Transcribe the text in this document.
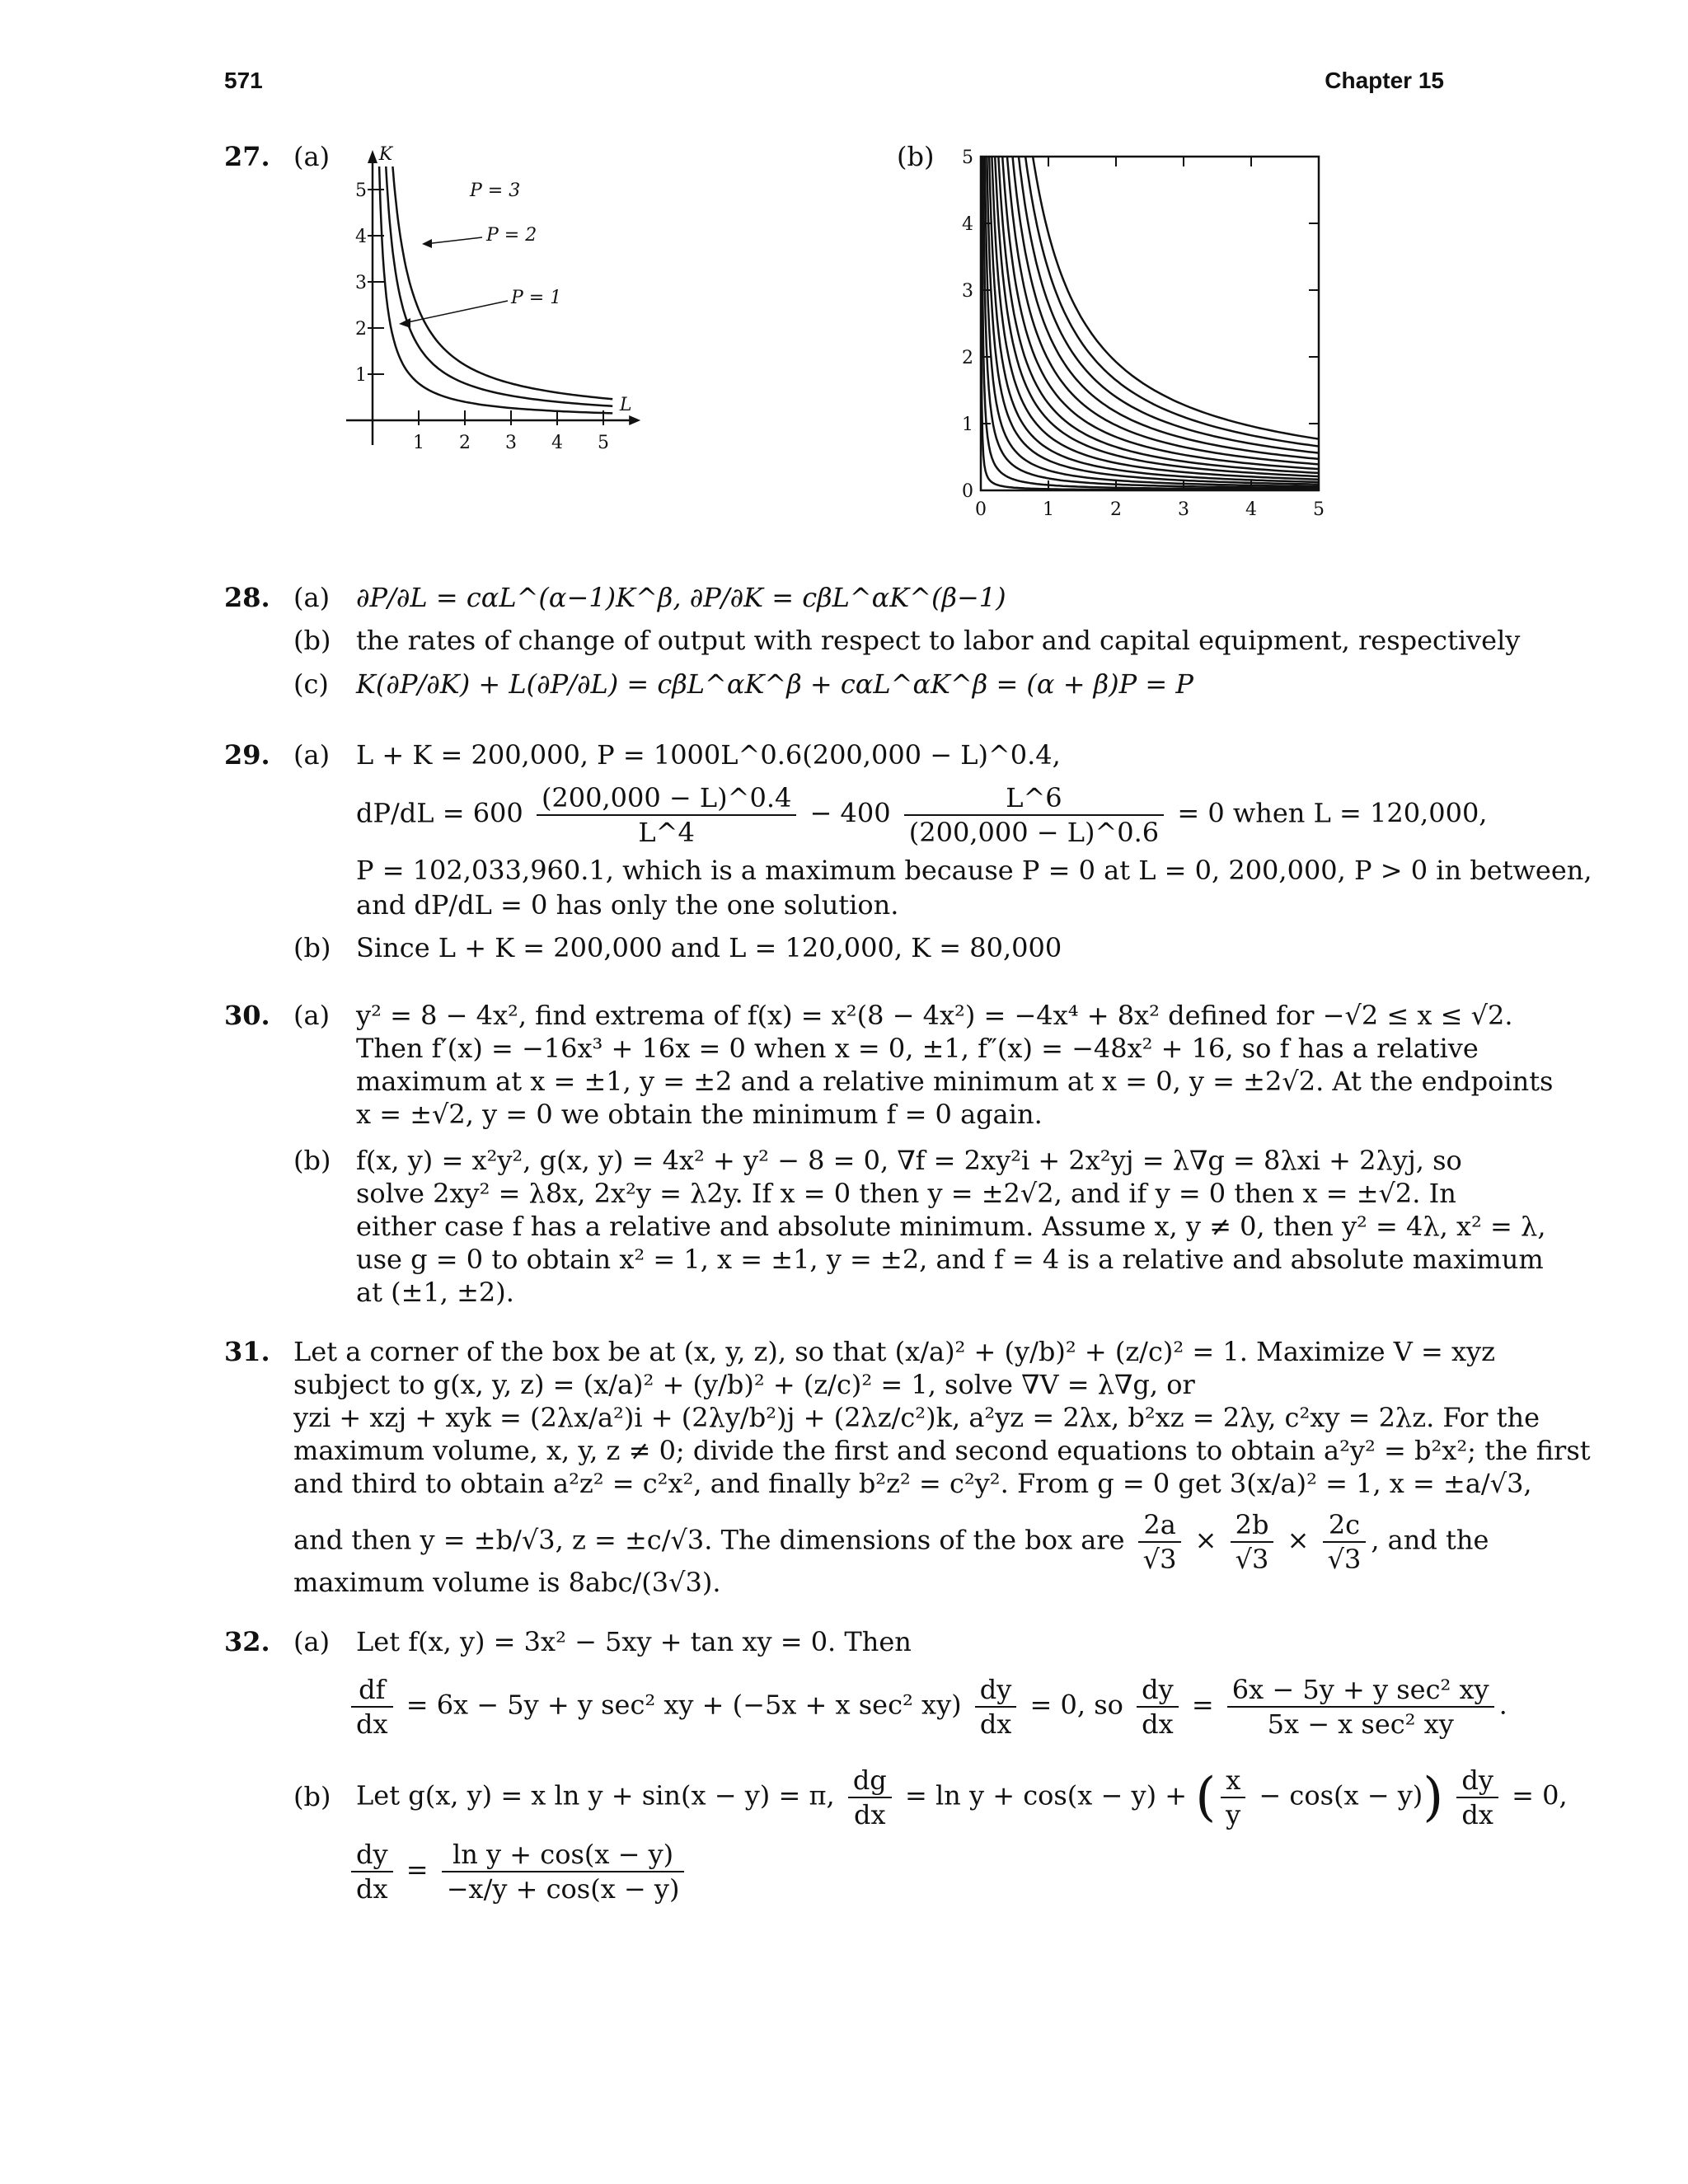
571	Chapter 15
27. (a)	(b)
K
L
1 2 3 4 5
1
2
3
4
5	P = 3
P = 2
P = 1
0	1	2	3	4	5
0
1
2
3
4
5
28. (a) ∂P/∂L = cαL^(α−1)K^β, ∂P/∂K = cβL^αK^(β−1)
(b) the rates of change of output with respect to labor and capital equipment, respectively
(c) K(∂P/∂K) + L(∂P/∂L) = cβL^αK^β + cαL^αK^β = (α + β)P = P
29. (a) L + K = 200,000, P = 1000L^0.6(200,000 − L)^0.4,
$dP/dL = 600 \frac{(200,000 - L)\^{}0.4}{L\^{}4} - 400 \frac{L\^{}6}{(200,000 - L)\^{}0.6} = 0$ when L = 120,000,
P = 102,033,960.1, which is a maximum because P = 0 at L = 0, 200,000, P > 0 in between,
and dP/dL = 0 has only the one solution.
(b) Since L + K = 200,000 and L = 120,000, K = 80,000
30. (a) y² = 8 − 4x², find extrema of f(x) = x²(8 − 4x²) = −4x⁴ + 8x² defined for −√2 ≤ x ≤ √2.
Then f′(x) = −16x³ + 16x = 0 when x = 0, ±1, f″(x) = −48x² + 16, so f has a relative
maximum at x = ±1, y = ±2 and a relative minimum at x = 0, y = ±2√2. At the endpoints
x = ±√2, y = 0 we obtain the minimum f = 0 again.
(b) f(x, y) = x²y², g(x, y) = 4x² + y² − 8 = 0, ∇f = 2xy²i + 2x²yj = λ∇g = 8λxi + 2λyj, so
solve 2xy² = λ8x, 2x²y = λ2y. If x = 0 then y = ±2√2, and if y = 0 then x = ±√2. In
either case f has a relative and absolute minimum. Assume x, y ≠ 0, then y² = 4λ, x² = λ,
use g = 0 to obtain x² = 1, x = ±1, y = ±2, and f = 4 is a relative and absolute maximum
at (±1, ±2).
31. Let a corner of the box be at (x, y, z), so that (x/a)² + (y/b)² + (z/c)² = 1. Maximize V = xyz
subject to g(x, y, z) = (x/a)² + (y/b)² + (z/c)² = 1, solve ∇V = λ∇g, or
yzi + xzj + xyk = (2λx/a²)i + (2λy/b²)j + (2λz/c²)k, a²yz = 2λx, b²xz = 2λy, c²xy = 2λz. For the
maximum volume, x, y, z ≠ 0; divide the first and second equations to obtain a²y² = b²x²; the first
and third to obtain a²z² = c²x², and finally b²z² = c²y². From g = 0 get 3(x/a)² = 1, x = ±a/√3,
and then y = ±b/√3, z = ±c/√3. The dimensions of the box are $\frac{2a}{√3} \times \frac{2b}{√3} \times \frac{2c}{√3}$ , and the
maximum volume is 8abc/(3√3).
32. (a) Let f(x, y) = 3x² − 5xy + tan xy = 0. Then
$\frac{df}{dx} = 6x - 5y + y$ sec² xy + (−5x + x sec² $xy) \frac{dy}{dx} = 0$, so $\frac{dy}{dx} = \frac{\text{6x − 5y + y sec² xy}}{\text{5x − x sec² xy}}$ .
(b) Let g(x, y) = x ln y + sin(x − y) = π, $\frac{dg}{dx} = \ln y + \cos(x - y)$ + ( $\frac{x}{y} - \cos(x - y)) \frac{dy}{dx} = 0$,
$\frac{dy}{dx} = \frac{\text{ln y + cos(x − y)}}{-x/y + \cos(x - y)}$
